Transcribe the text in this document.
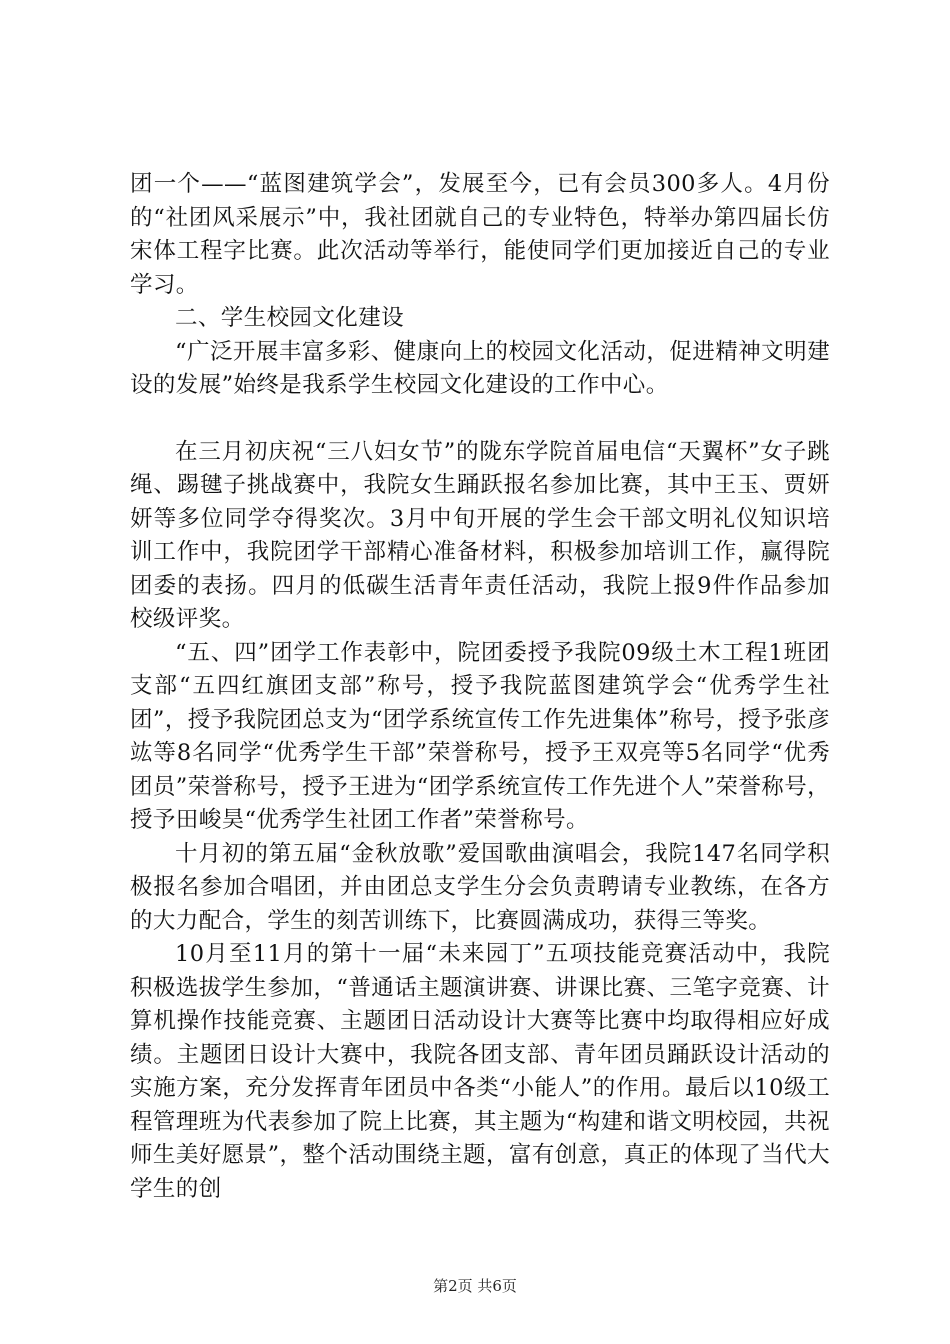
团一个——“蓝图建筑学会”，发展至今，已有会员300多人。4月份的“社团风采展示”中，我社团就自己的专业特色，特举办第四届长仿宋体工程字比赛。此次活动等举行，能使同学们更加接近自己的专业学习。

二、学生校园文化建设

“广泛开展丰富多彩、健康向上的校园文化活动，促进精神文明建设的发展”始终是我系学生校园文化建设的工作中心。

在三月初庆祝“三八妇女节”的陇东学院首届电信“天翼杯”女子跳绳、踢毽子挑战赛中，我院女生踊跃报名参加比赛，其中王玉、贾妍妍等多位同学夺得奖次。3月中旬开展的学生会干部文明礼仪知识培训工作中，我院团学干部精心准备材料，积极参加培训工作，赢得院团委的表扬。四月的低碳生活青年责任活动，我院上报9件作品参加校级评奖。

“五、四”团学工作表彰中，院团委授予我院09级土木工程1班团支部“五四红旗团支部”称号，授予我院蓝图建筑学会“优秀学生社团”，授予我院团总支为“团学系统宣传工作先进集体”称号，授予张彦竑等8名同学“优秀学生干部”荣誉称号，授予王双亮等5名同学“优秀团员”荣誉称号，授予王进为“团学系统宣传工作先进个人”荣誉称号，授予田峻昊“优秀学生社团工作者”荣誉称号。

十月初的第五届“金秋放歌”爱国歌曲演唱会，我院147名同学积极报名参加合唱团，并由团总支学生分会负责聘请专业教练，在各方的大力配合，学生的刻苦训练下，比赛圆满成功，获得三等奖。

10月至11月的第十一届“未来园丁”五项技能竞赛活动中，我院积极选拔学生参加，“普通话主题演讲赛、讲课比赛、三笔字竞赛、计算机操作技能竞赛、主题团日活动设计大赛等比赛中均取得相应好成绩。主题团日设计大赛中，我院各团支部、青年团员踊跃设计活动的实施方案，充分发挥青年团员中各类“小能人”的作用。最后以10级工程管理班为代表参加了院上比赛，其主题为“构建和谐文明校园，共祝师生美好愿景”，整个活动围绕主题，富有创意，真正的体现了当代大学生的创

第2页 共6页
